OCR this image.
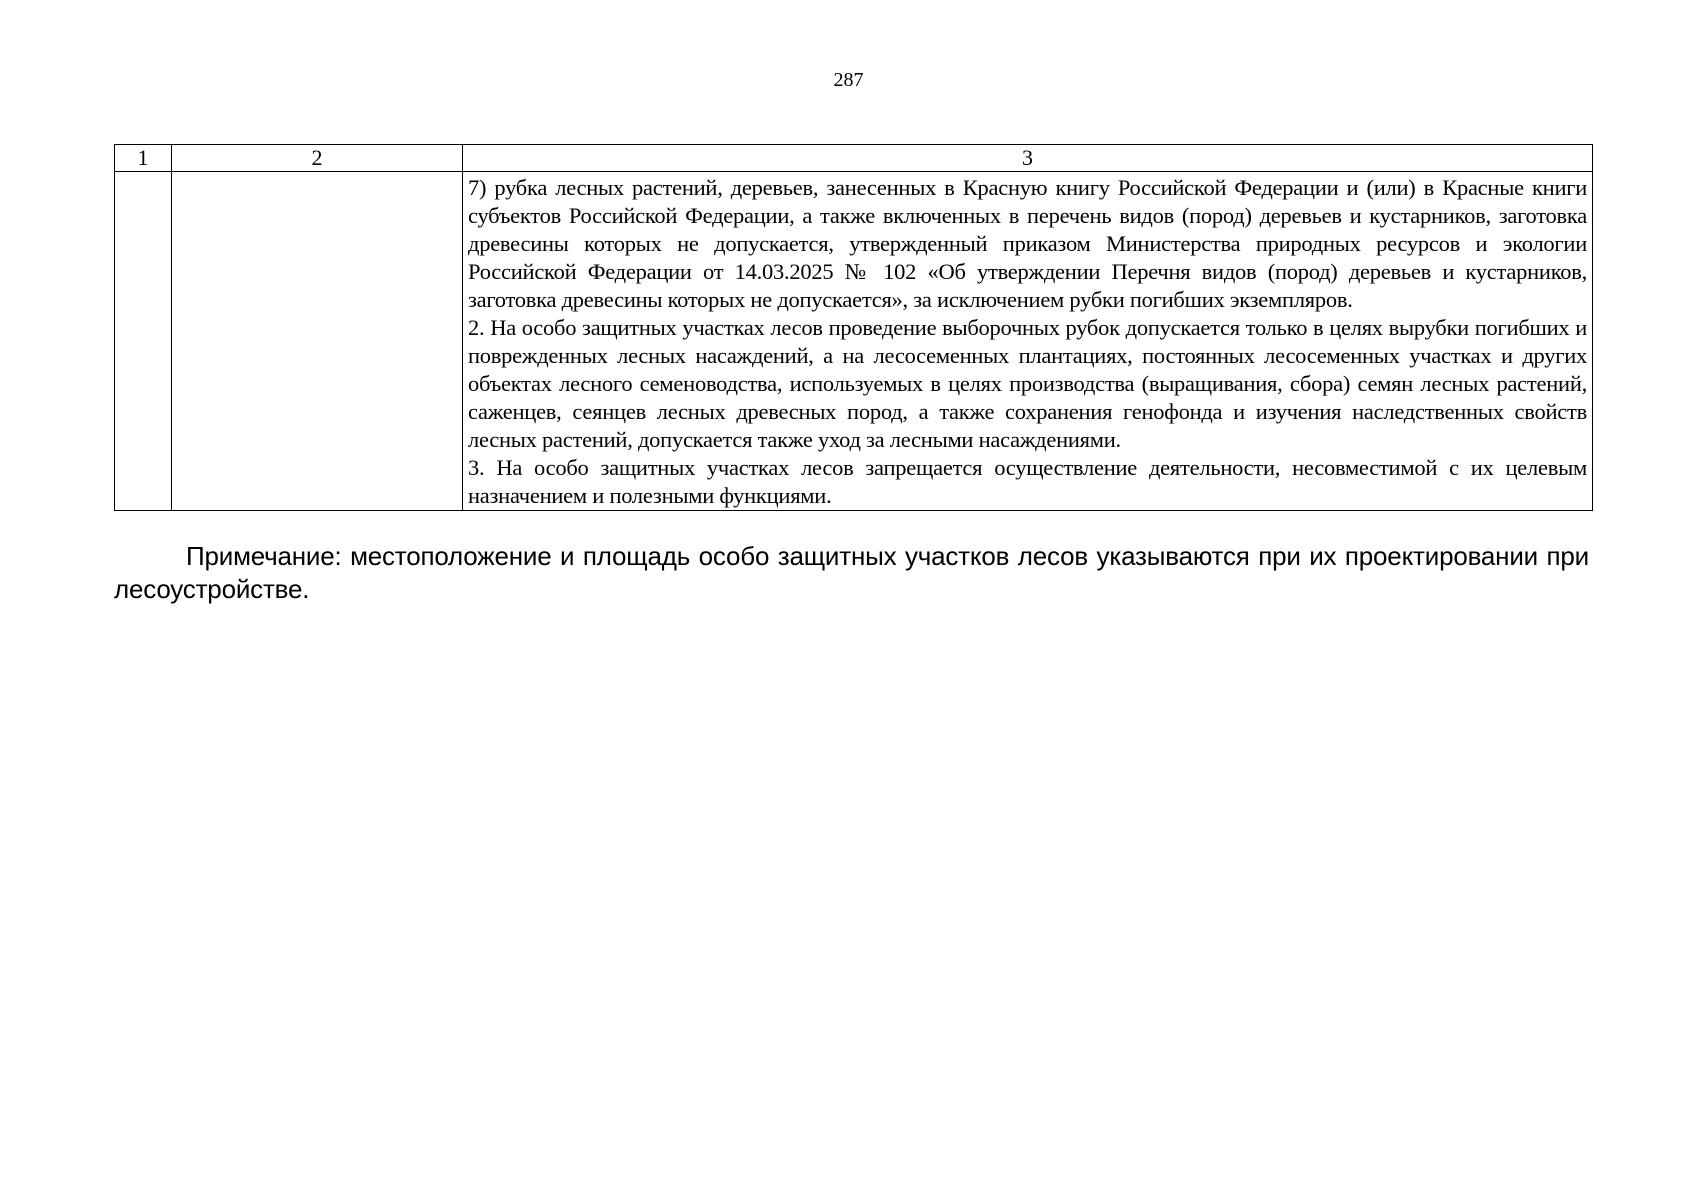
287
1	2	3

		7) рубка лесных растений, деревьев, занесенных в Красную книгу Российской Федерации и (или) в Красные книги субъектов Российской Федерации, а также включенных в перечень видов (пород) деревьев и кустарников, заготовка древесины которых не допускается, утвержденный приказом Министерства природных ресурсов и экологии Российской Федерации от 14.03.2025 № 102 «Об утверждении Перечня видов (пород) деревьев и кустарников, заготовка древесины которых не допускается», за исключением рубки погибших экземпляров.

2. На особо защитных участках лесов проведение выборочных рубок допускается только в целях вырубки погибших и поврежденных лесных насаждений, а на лесосеменных плантациях, постоянных лесосеменных участках и других объектах лесного семеноводства, используемых в целях производства (выращивания, сбора) семян лесных растений, саженцев, сеянцев лесных древесных пород, а также сохранения генофонда и изучения наследственных свойств лесных растений, допускается также уход за лесными насаждениями.

3. На особо защитных участках лесов запрещается осуществление деятельности, несовместимой с их целевым назначением и полезными функциями.

Примечание: местоположение и площадь особо защитных участков лесов указываются при их проектировании при лесоустройстве.
